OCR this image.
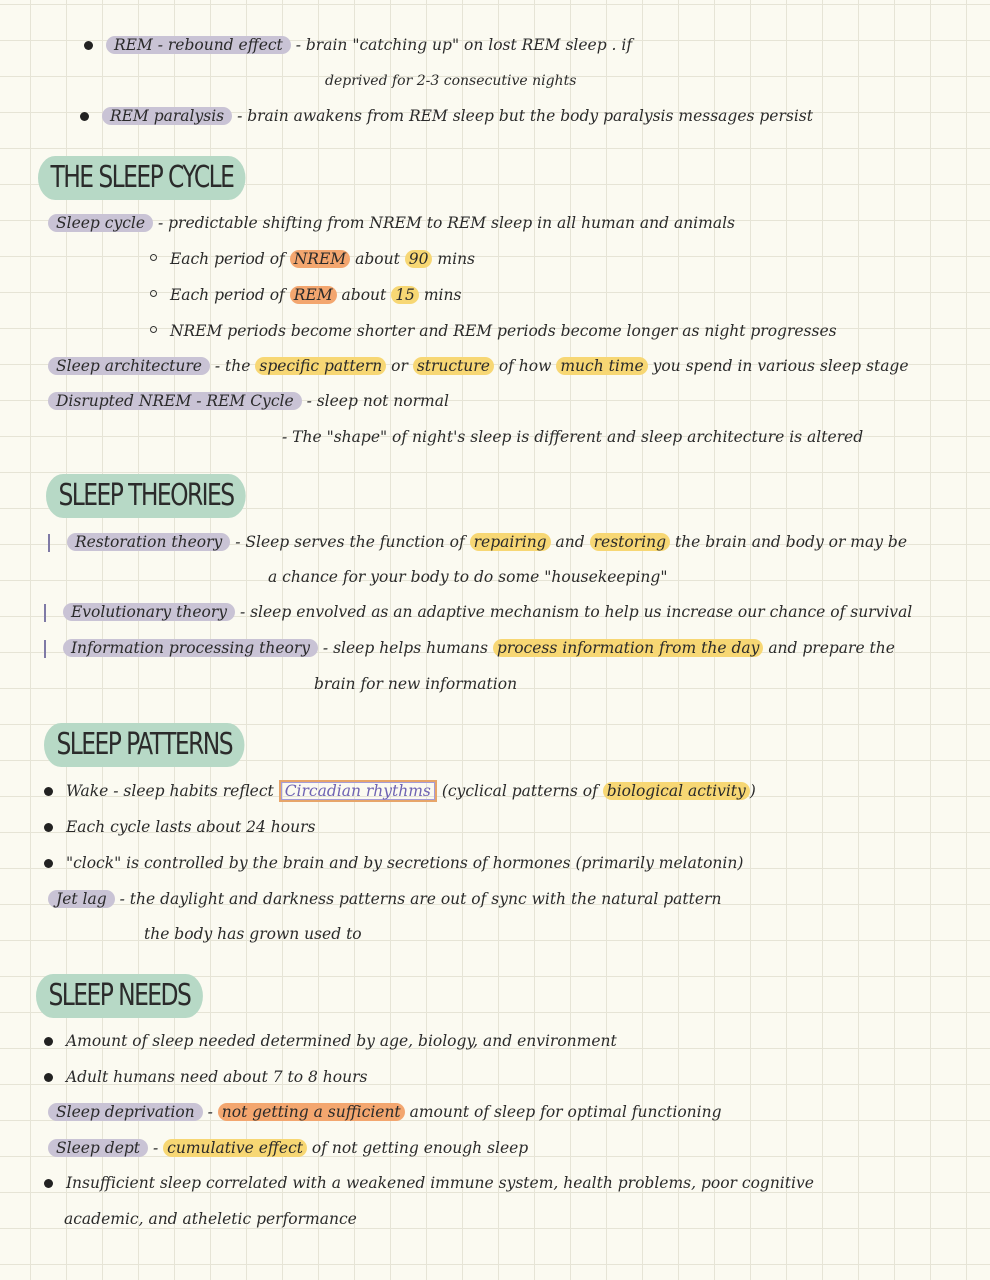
REM - rebound effect - brain "catching up" on lost REM sleep . if
deprived for 2-3 consecutive nights
REM paralysis - brain awakens from REM sleep but the body paralysis messages persist
THE SLEEP CYCLE
Sleep cycle - predictable shifting from NREM to REM sleep in all human and animals
Each period of NREM about 90 mins
Each period of REM about 15 mins
NREM periods become shorter and REM periods become longer as night progresses
Sleep architecture - the specific pattern or structure of how much time you spend in various sleep stage
Disrupted NREM - REM Cycle - sleep not normal
- The "shape" of night's sleep is different and sleep architecture is altered
SLEEP THEORIES
Restoration theory - Sleep serves the function of repairing and restoring the brain and body or may be
a chance for your body to do some "housekeeping"
Evolutionary theory - sleep envolved as an adaptive mechanism to help us increase our chance of survival
Information processing theory - sleep helps humans process information from the day and prepare the
brain for new information
SLEEP PATTERNS
Wake - sleep habits reflect Circadian rhythms (cyclical patterns of biological activity )
Each cycle lasts about 24 hours
"clock" is controlled by the brain and by secretions of hormones (primarily melatonin)
Jet lag - the daylight and darkness patterns are out of sync with the natural pattern
the body has grown used to
SLEEP NEEDS
Amount of sleep needed determined by age, biology, and environment
Adult humans need about 7 to 8 hours
Sleep deprivation - not getting a sufficient amount of sleep for optimal functioning
Sleep dept - cumulative effect of not getting enough sleep
Insufficient sleep correlated with a weakened immune system, health problems, poor cognitive
academic, and atheletic performance
